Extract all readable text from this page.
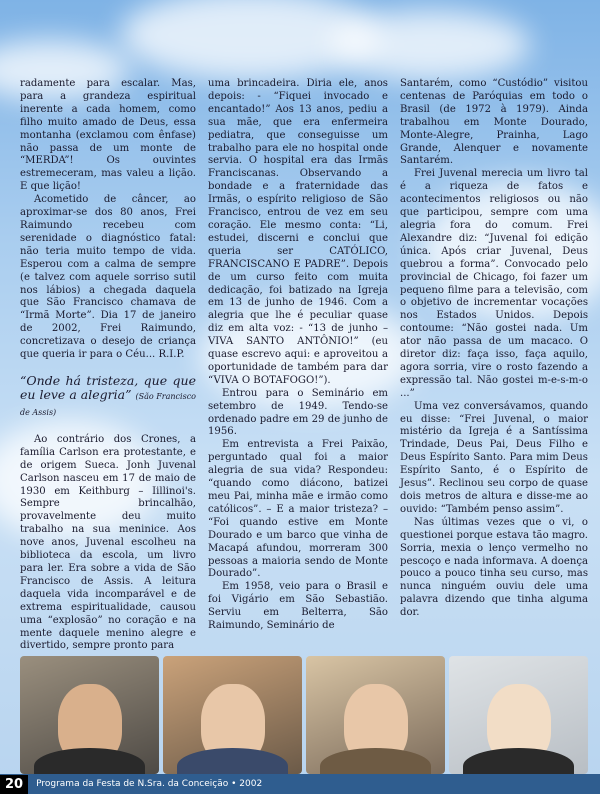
radamente para escalar. Mas, para a grandeza espiritual inerente a cada homem, como filho muito amado de Deus, essa montanha (exclamou com ênfase) não passa de um monte de “MERDA”! Os ouvintes estremeceram, mas valeu a lição. E que lição!

Acometido de câncer, ao aproximar-se dos 80 anos, Frei Raimundo recebeu com serenidade o diagnóstico fatal: não teria muito tempo de vida. Esperou com a calma de sempre (e talvez com aquele sorriso sutil nos lábios) a chegada daquela que São Francisco chamava de “Irmã Morte”. Dia 17 de janeiro de 2002, Frei Raimundo, concretizava o desejo de criança que queria ir para o Céu... R.I.P.

“Onde há tristeza, que que eu leve a alegria” (São Francisco de Assis)

Ao contrário dos Crones, a família Carlson era protestante, e de origem Sueca. Jonh Juvenal Carlson nasceu em 17 de maio de 1930 em Keithburg – Iillinoi's. Sempre brincalhão, provavelmente deu muito trabalho na sua meninice. Aos nove anos, Juvenal escolheu na biblioteca da escola, um livro para ler. Era sobre a vida de São Francisco de Assis. A leitura daquela vida incomparável e de extrema espiritualidade, causou uma “explosão” no coração e na mente daquele menino alegre e divertido, sempre pronto para

uma brincadeira. Diria ele, anos depois: - “Fiquei invocado e encantado!” Aos 13 anos, pediu a sua mãe, que era enfermeira pediatra, que conseguisse um trabalho para ele no hospital onde servia. O hospital era das Irmãs Franciscanas. Observando a bondade e a fraternidade das Irmãs, o espírito religioso de São Francisco, entrou de vez em seu coração. Ele mesmo conta: “Li, estudei, discerni e conclui que queria ser CATÓLICO, FRANCISCANO E PADRE”. Depois de um curso feito com muita dedicação, foi batizado na Igreja em 13 de junho de 1946. Com a alegria que lhe é peculiar quase diz em alta voz: - “13 de junho – VIVA SANTO ANTÔNIO!” (eu quase escrevo aqui: e aproveitou a oportunidade de também para dar “VIVA O BOTAFOGO!”).

Entrou para o Seminário em setembro de 1949. Tendo-se ordenado padre em 29 de junho de 1956.

Em entrevista a Frei Paixão, perguntado qual foi a maior alegria de sua vida? Respondeu: “quando como diácono, batizei meu Pai, minha mãe e irmão como católicos”. – E a maior tristeza? – “Foi quando estive em Monte Dourado e um barco que vinha de Macapá afundou, morreram 300 pessoas a maioria sendo de Monte Dourado”.

Em 1958, veio para o Brasil e foi Vigário em São Sebastião. Serviu em Belterra, São Raimundo, Seminário de

Santarém, como “Custódio” visitou centenas de Paróquias em todo o Brasil (de 1972 à 1979). Ainda trabalhou em Monte Dourado, Monte-Alegre, Prainha, Lago Grande, Alenquer e novamente Santarém.

Frei Juvenal merecia um livro tal é a riqueza de fatos e acontecimentos religiosos ou não que participou, sempre com uma alegria fora do comum. Frei Alexandre diz: “Juvenal foi edição única. Após criar Juvenal, Deus quebrou a forma”. Convocado pelo provincial de Chicago, foi fazer um pequeno filme para a televisão, com o objetivo de incrementar vocações nos Estados Unidos. Depois contoume: “Não gostei nada. Um ator não passa de um macaco. O diretor diz: faça isso, faça aquilo, agora sorria, vire o rosto fazendo a expressão tal. Não gostei m-e-s-m-o ...”

Uma vez conversávamos, quando eu disse: “Frei Juvenal, o maior mistério da Igreja é a Santíssima Trindade, Deus Pai, Deus Filho e Deus Espírito Santo. Para mim Deus Espírito Santo, é o Espírito de Jesus”. Reclinou seu corpo de quase dois metros de altura e disse-me ao ouvido: “Também penso assim”.

Nas últimas vezes que o vi, o questionei porque estava tão magro. Sorria, mexia o lenço vermelho no pescoço e nada informava. A doença pouco a pouco tinha seu curso, mas nunca ninguém ouviu dele uma palavra dizendo que tinha alguma dor.

20	Programa da Festa de N.Sra. da Conceição • 2002
